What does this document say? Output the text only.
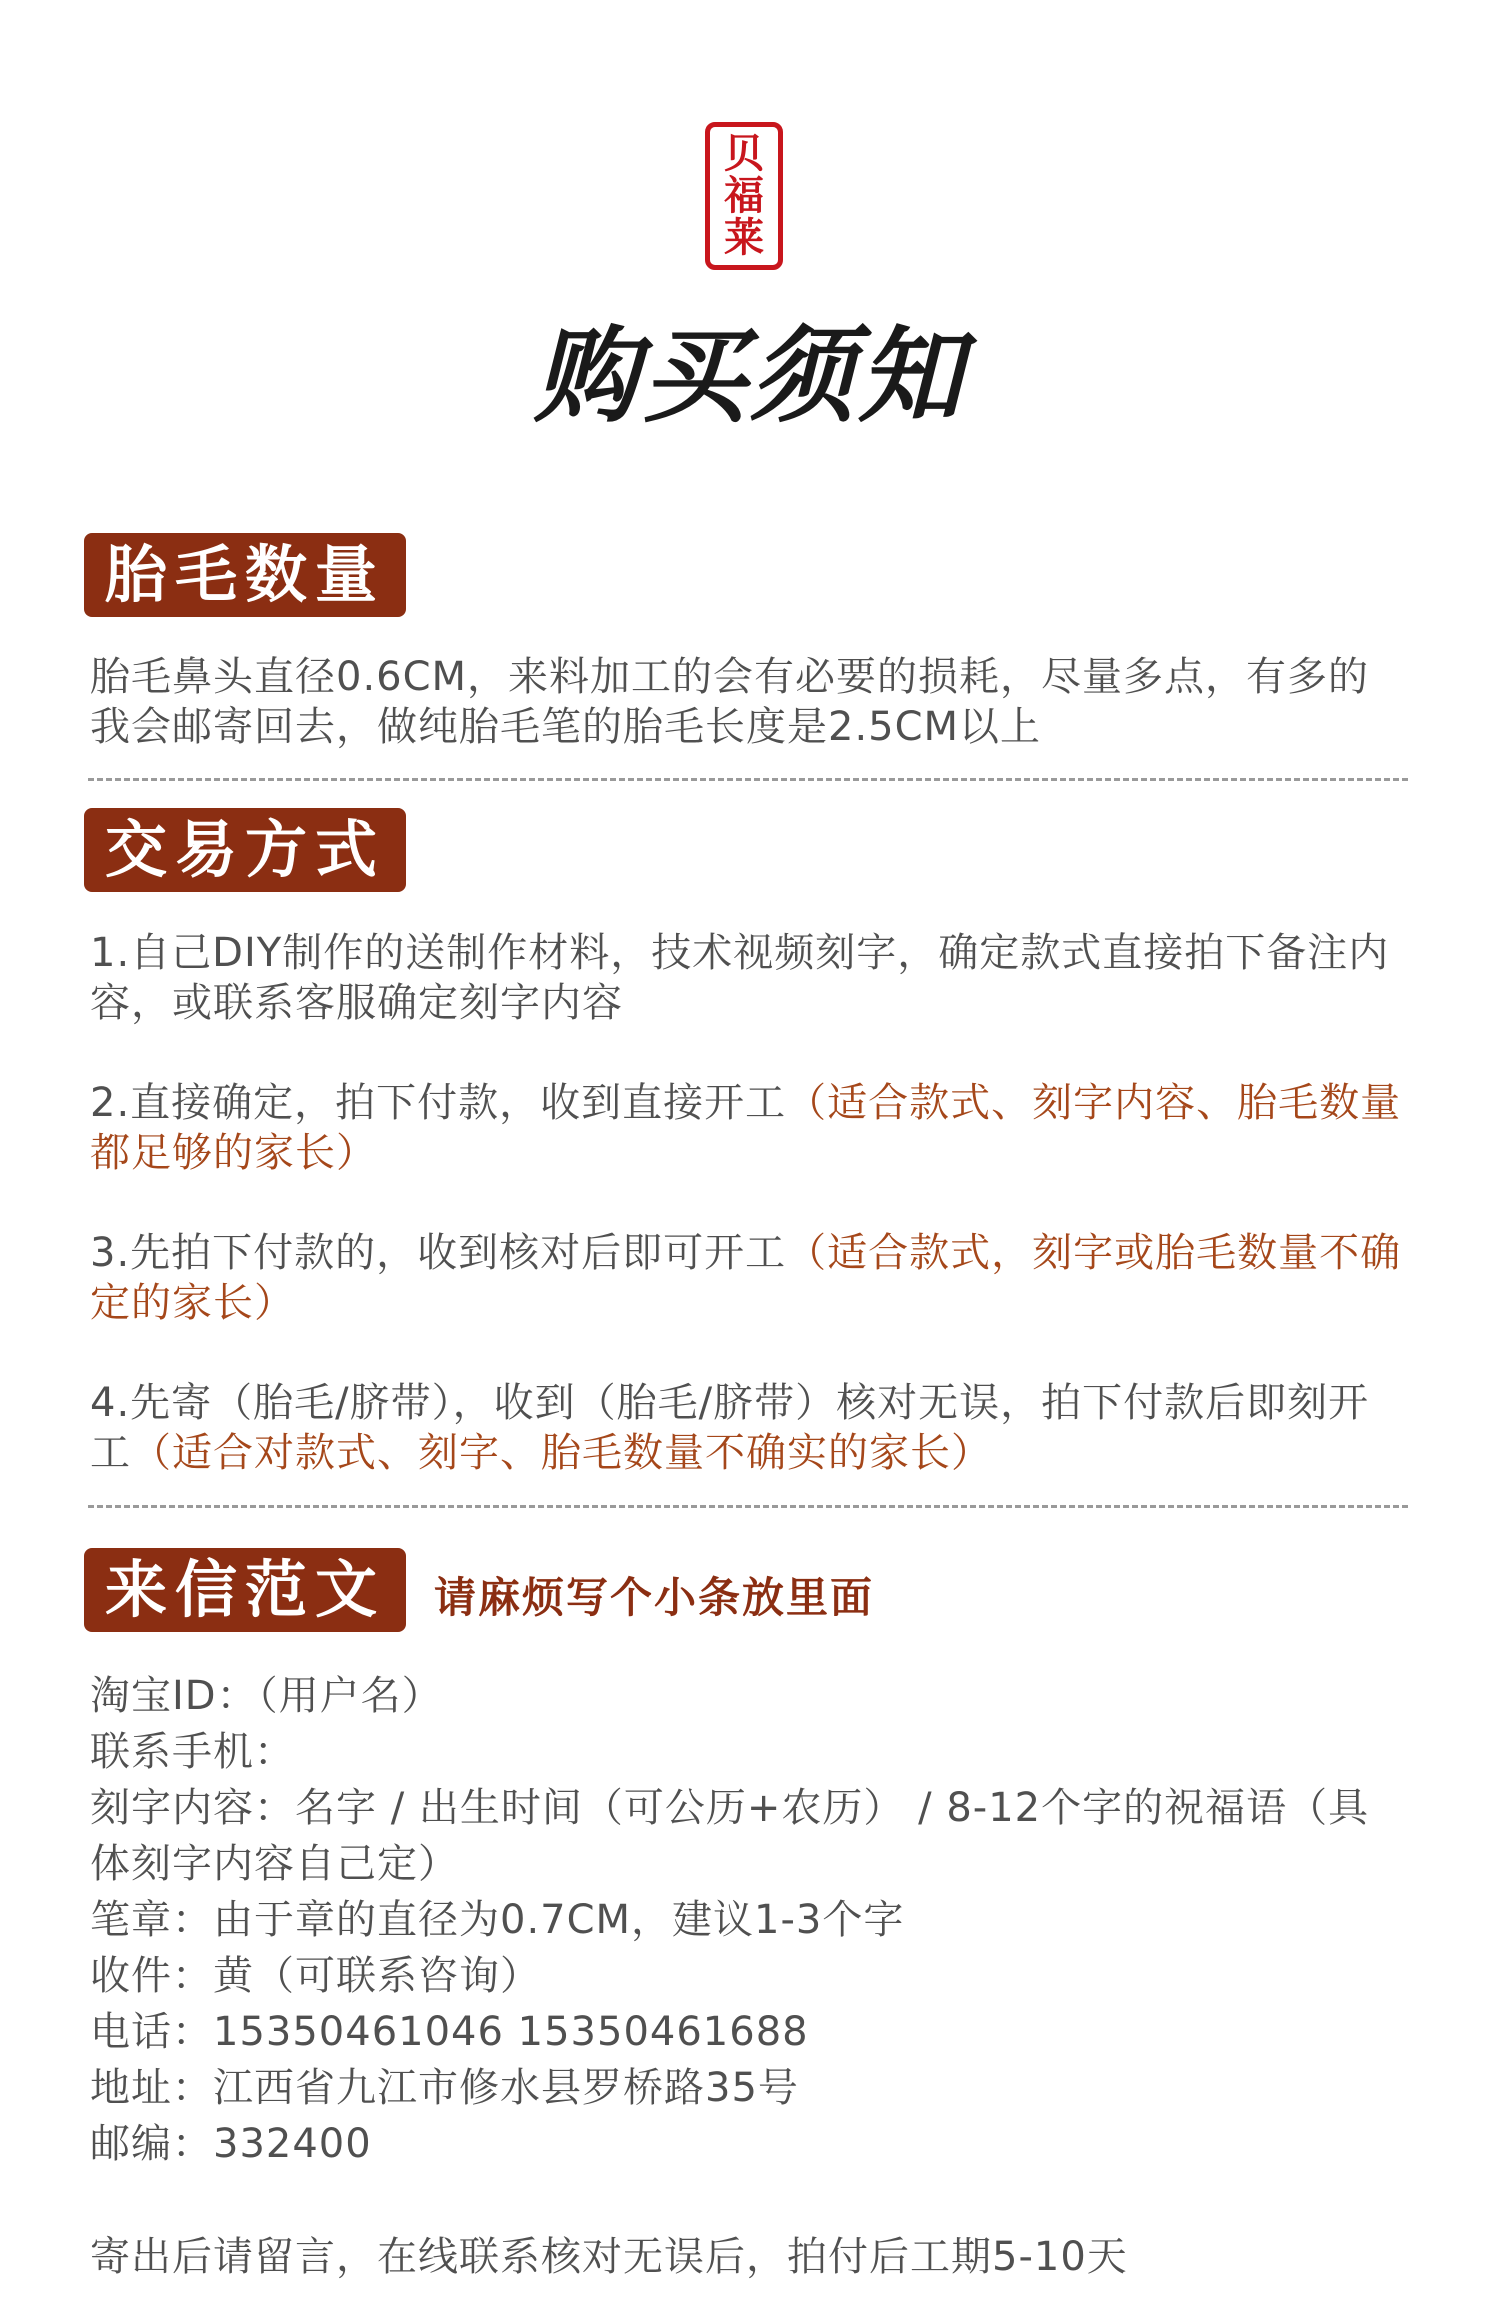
贝
福
莱
购买须知
胎毛数量

胎毛鼻头直径0.6CM，来料加工的会有必要的损耗，尽量多点，有多的我会邮寄回去，做纯胎毛笔的胎毛长度是2.5CM以上

交易方式

1.自己DIY制作的送制作材料，技术视频刻字，确定款式直接拍下备注内容，或联系客服确定刻字内容

2.直接确定，拍下付款，收到直接开工（适合款式、刻字内容、胎毛数量都足够的家长）

3.先拍下付款的，收到核对后即可开工（适合款式，刻字或胎毛数量不确定的家长）

4.先寄（胎毛/脐带），收到（胎毛/脐带）核对无误，拍下付款后即刻开工（适合对款式、刻字、胎毛数量不确实的家长）

来信范文	请麻烦写个小条放里面
淘宝ID：（用户名）
联系手机：
刻字内容：名字 / 出生时间（可公历+农历） / 8-12个字的祝福语（具体刻字内容自己定）
笔章：由于章的直径为0.7CM，建议1-3个字
收件：黄（可联系咨询）
电话：15350461046 15350461688
地址：江西省九江市修水县罗桥路35号
邮编：332400

寄出后请留言，在线联系核对无误后，拍付后工期5-10天
